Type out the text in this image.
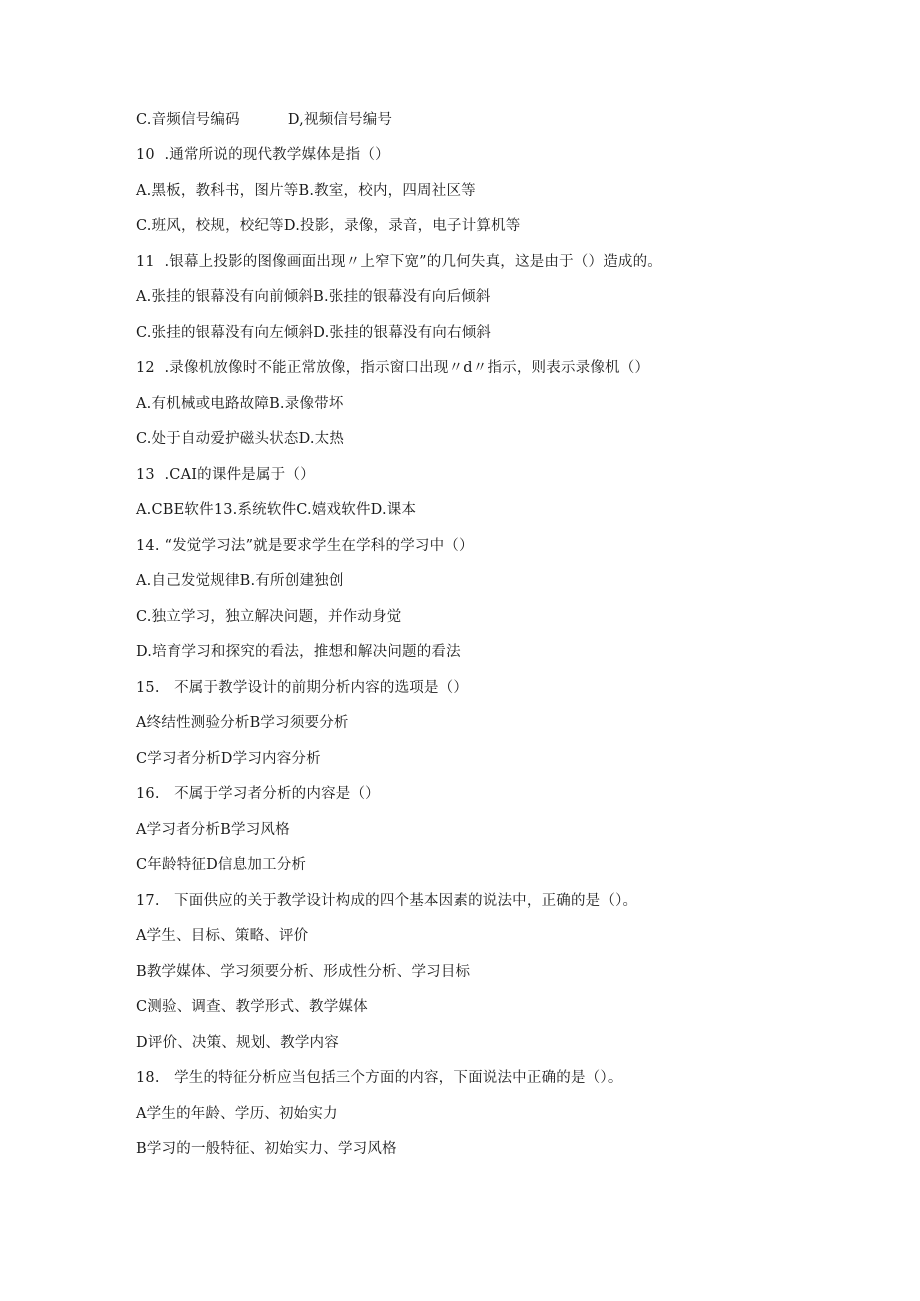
C.音频信号编码          D,视频信号编号
10  .通常所说的现代教学媒体是指（）
A.黑板，教科书，图片等B.教室，校内，四周社区等
C.班风，校规，校纪等D.投影，录像，录音，电子计算机等
11  .银幕上投影的图像画面出现〃上窄下宽”的几何失真，这是由于（）造成的。
A.张挂的银幕没有向前倾斜B.张挂的银幕没有向后倾斜
C.张挂的银幕没有向左倾斜D.张挂的银幕没有向右倾斜
12  .录像机放像时不能正常放像，指示窗口出现〃d〃指示，则表示录像机（）
A.有机械或电路故障B.录像带坏
C.处于自动爱护磁头状态D.太热
13  .CAI的课件是属于（）
A.CBE软件13.系统软件C.嬉戏软件D.课本
14. “发觉学习法”就是要求学生在学科的学习中（）
A.自己发觉规律B.有所创建独创
C.独立学习，独立解决问题，并作动身觉
D.培育学习和探究的看法，推想和解决问题的看法
15.   不属于教学设计的前期分析内容的选项是（）
A终结性测验分析B学习须要分析
C学习者分析D学习内容分析
16.   不属于学习者分析的内容是（）
A学习者分析B学习风格
C年龄特征D信息加工分析
17.   下面供应的关于教学设计构成的四个基本因素的说法中，正确的是（）。
A学生、目标、策略、评价
B教学媒体、学习须要分析、形成性分析、学习目标
C测验、调查、教学形式、教学媒体
D评价、决策、规划、教学内容
18.   学生的特征分析应当包括三个方面的内容，下面说法中正确的是（）。
A学生的年龄、学历、初始实力
B学习的一般特征、初始实力、学习风格
